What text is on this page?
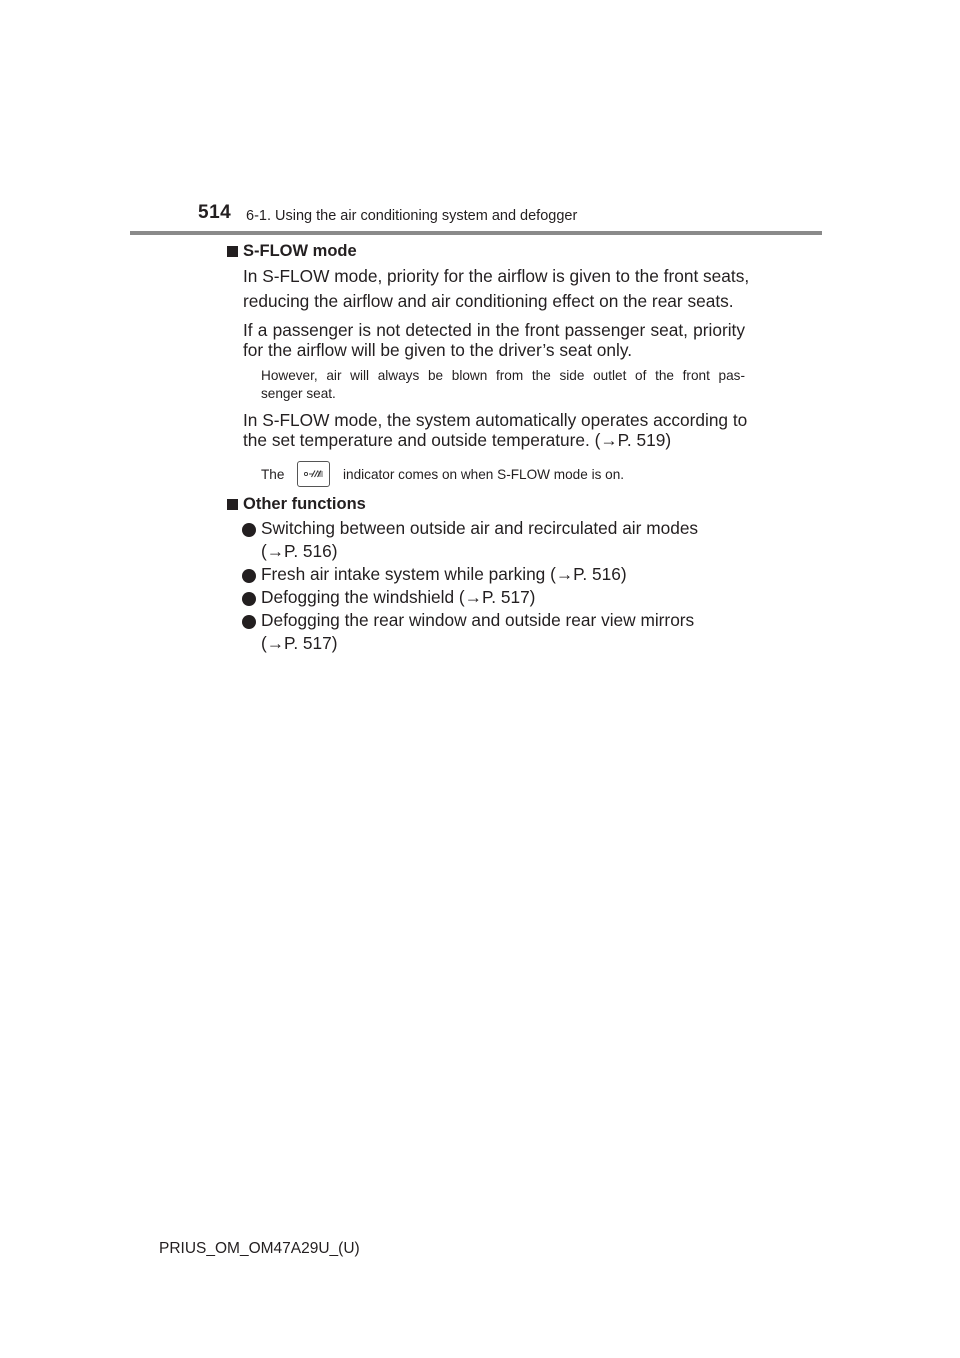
514 6-1. Using the air conditioning system and defogger
S-FLOW mode
In S-FLOW mode, priority for the airflow is given to the front seats,
reducing the airflow and air conditioning effect on the rear seats.
If a passenger is not detected in the front passenger seat, priority
for the airflow will be given to the driver’s seat only.
However, air will always be blown from the side outlet of the front pas-
senger seat.
In S-FLOW mode, the system automatically operates according to
the set temperature and outside temperature. (→P. 519)
The	indicator comes on when S-FLOW mode is on.
Other functions
Switching between outside air and recirculated air modes
(→P. 516)
Fresh air intake system while parking (→P. 516)
Defogging the windshield (→P. 517)
Defogging the rear window and outside rear view mirrors
(→P. 517)
PRIUS_OM_OM47A29U_(U)
